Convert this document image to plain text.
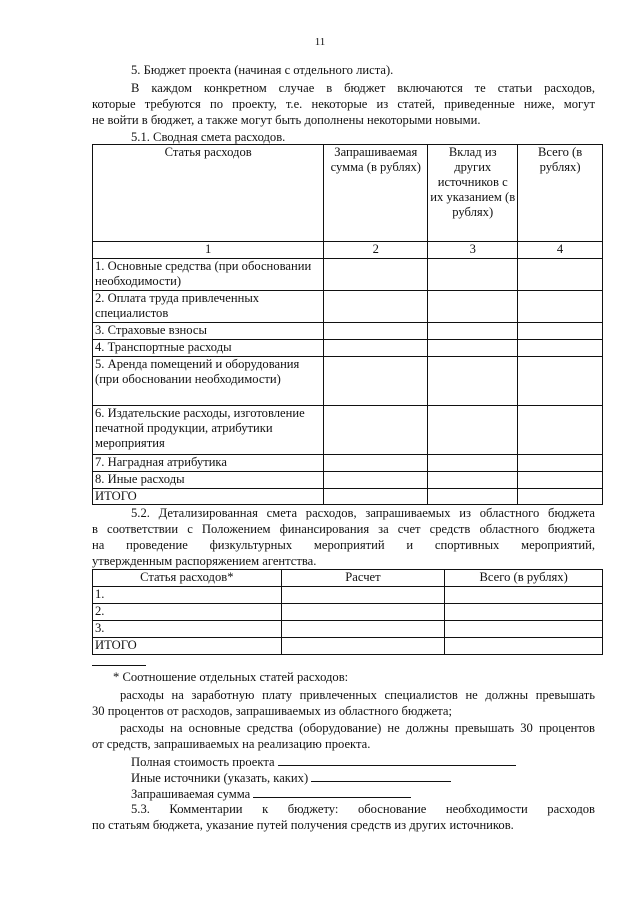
11
5. Бюджет проекта (начиная с отдельного листа).
В каждом конкретном случае в бюджет включаются те статьи расходов,
которые требуются по проекту, т.е. некоторые из статей, приведенные ниже, могут
не войти в бюджет, а также могут быть дополнены некоторыми новыми.
5.1. Сводная смета расходов.
Статья расходов	Запрашиваемая сумма (в рублях)	Вклад из других источников с их указанием (в рублях)	Всего (в рублях)
1	2	3	4
1. Основные средства (при обосновании необходимости)			
2. Оплата труда привлеченных специалистов			
3. Страховые взносы			
4. Транспортные расходы			
5. Аренда помещений и оборудования (при обосновании необходимости)			
6. Издательские расходы, изготовление печатной продукции, атрибутики мероприятия			
7. Наградная атрибутика			
8. Иные расходы			
ИТОГО			
5.2. Детализированная смета расходов, запрашиваемых из областного бюджета
в соответствии с Положением финансирования за счет средств областного бюджета
на проведение физкультурных мероприятий и спортивных мероприятий,
утвержденным распоряжением агентства.
Статья расходов*	Расчет	Всего (в рублях)
1.		
2.		
3.		
ИТОГО		
* Соотношение отдельных статей расходов:
расходы на заработную плату привлеченных специалистов не должны превышать
30 процентов от расходов, запрашиваемых из областного бюджета;
расходы на основные средства (оборудование) не должны превышать 30 процентов
от средств, запрашиваемых на реализацию проекта.
Полная стоимость проекта
Иные источники (указать, каких)
Запрашиваемая сумма
5.3. Комментарии к бюджету: обоснование необходимости расходов
по статьям бюджета, указание путей получения средств из других источников.
